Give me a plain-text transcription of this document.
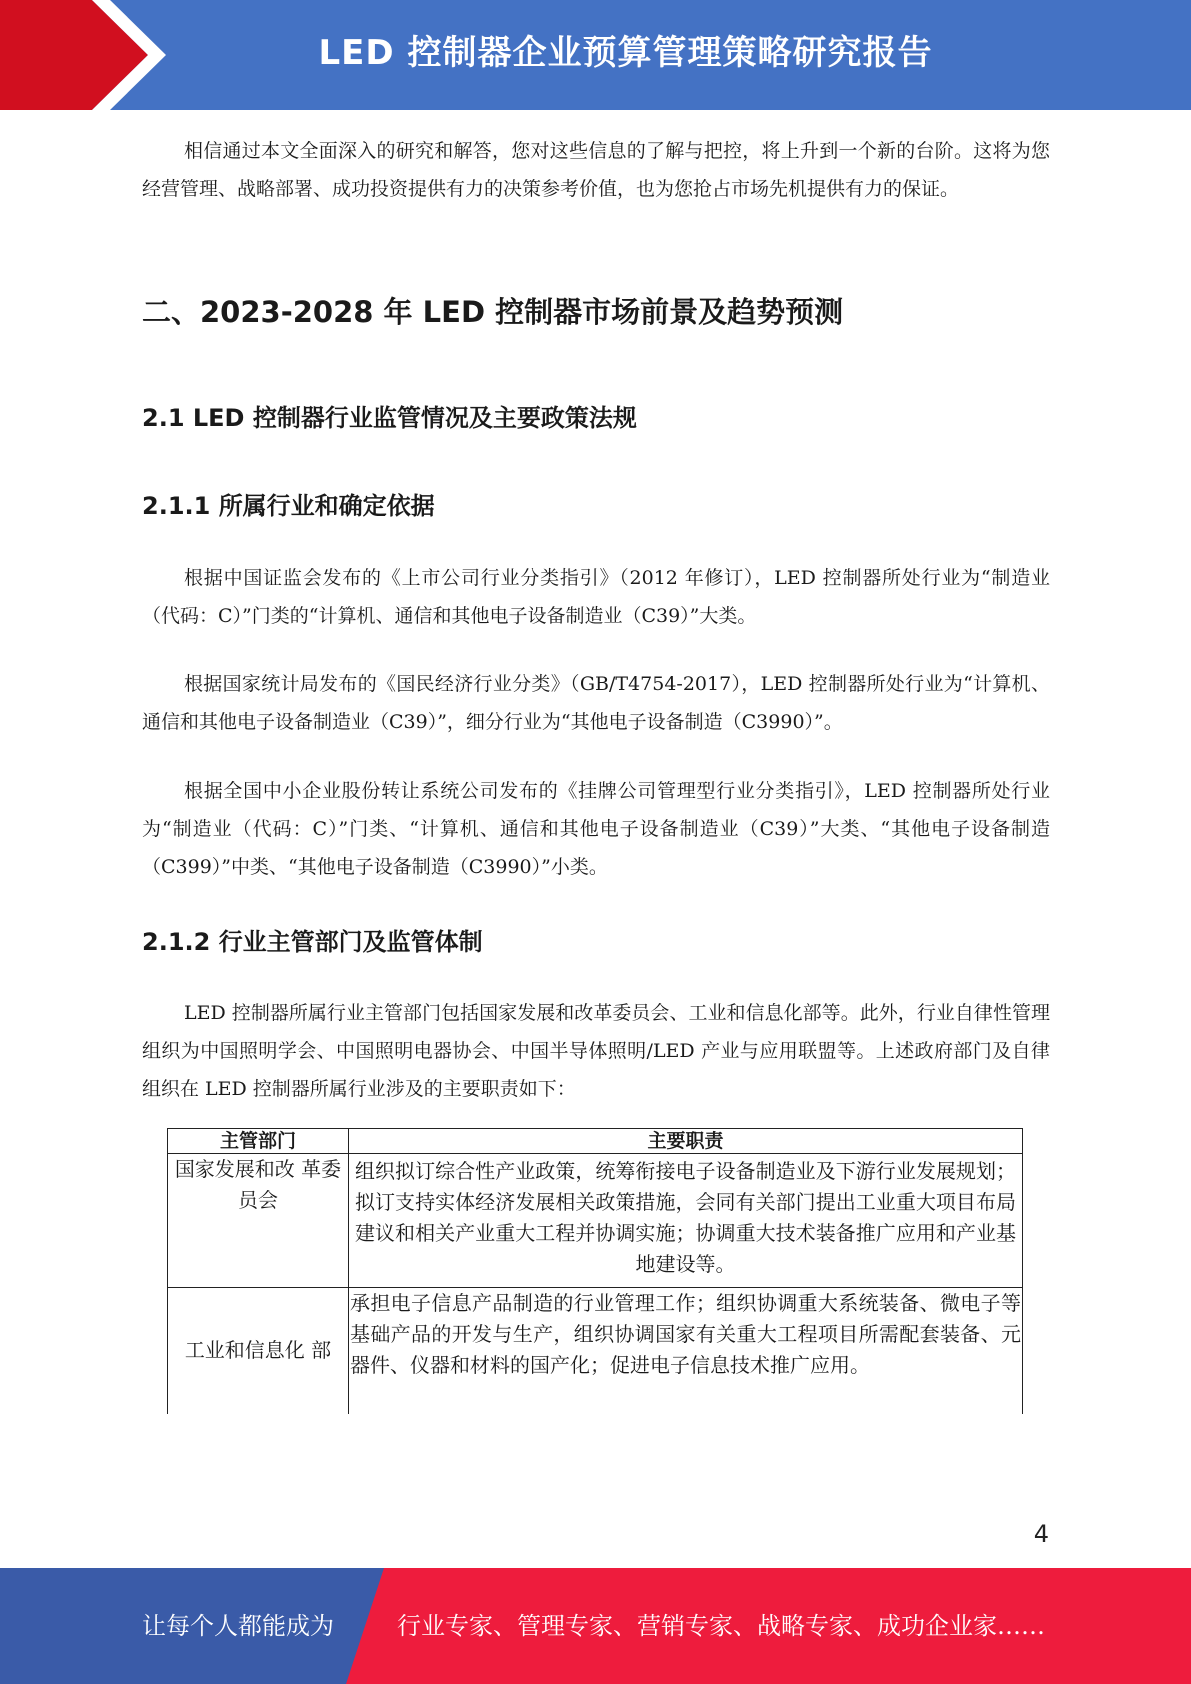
LED 控制器企业预算管理策略研究报告

相信通过本文全面深入的研究和解答，您对这些信息的了解与把控，将上升到一个新的台阶。这将为您经营管理、战略部署、成功投资提供有力的决策参考价值，也为您抢占市场先机提供有力的保证。

二、2023-2028 年 LED 控制器市场前景及趋势预测
2.1 LED 控制器行业监管情况及主要政策法规
2.1.1 所属行业和确定依据

根据中国证监会发布的《上市公司行业分类指引》（2012 年修订），LED 控制器所处行业为“制造业（代码：C）”门类的“计算机、通信和其他电子设备制造业（C39）”大类。

根据国家统计局发布的《国民经济行业分类》（GB/T4754-2017），LED 控制器所处行业为“计算机、通信和其他电子设备制造业（C39）”，细分行业为“其他电子设备制造（C3990）”。

根据全国中小企业股份转让系统公司发布的《挂牌公司管理型行业分类指引》，LED 控制器所处行业为“制造业（代码：C）”门类、“计算机、通信和其他电子设备制造业（C39）”大类、“其他电子设备制造（C399）”中类、“其他电子设备制造（C3990）”小类。

2.1.2 行业主管部门及监管体制

LED 控制器所属行业主管部门包括国家发展和改革委员会、工业和信息化部等。此外，行业自律性管理组织为中国照明学会、中国照明电器协会、中国半导体照明/LED 产业与应用联盟等。上述政府部门及自律组织在 LED 控制器所属行业涉及的主要职责如下：

主管部门	主要职责
国家发展和改 革委员会	组织拟订综合性产业政策，统筹衔接电子设备制造业及下游行业发展规划；拟订支持实体经济发展相关政策措施，会同有关部门提出工业重大项目布局建议和相关产业重大工程并协调实施；协调重大技术装备推广应用和产业基地建设等。
工业和信息化 部	承担电子信息产品制造的行业管理工作；组织协调重大系统装备、微电子等基础产品的开发与生产，组织协调国家有关重大工程项目所需配套装备、元器件、仪器和材料的国产化；促进电子信息技术推广应用。
4
让每个人都能成为	行业专家、管理专家、营销专家、战略专家、成功企业家……
